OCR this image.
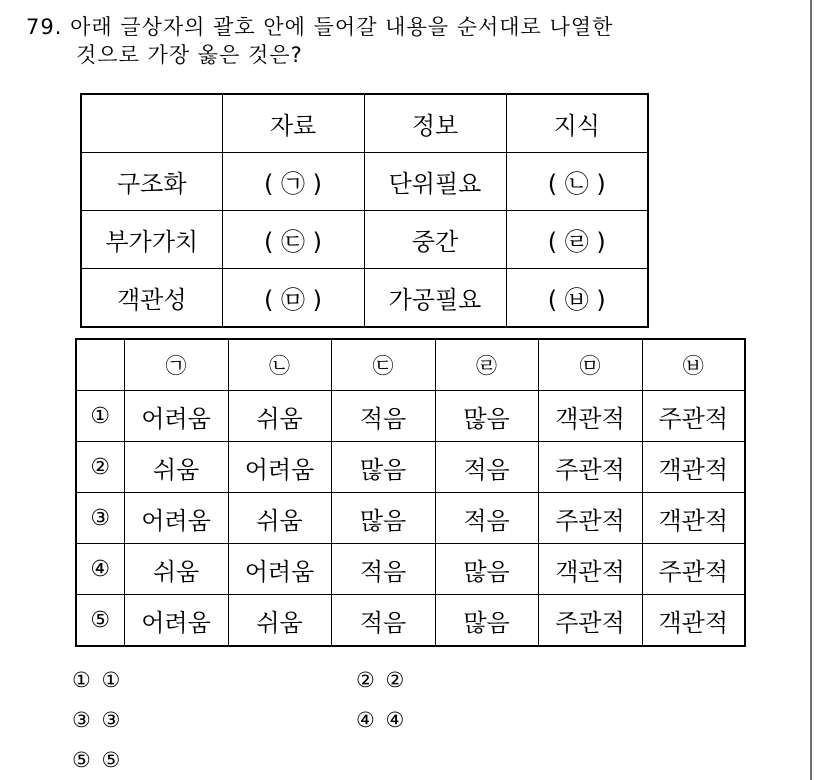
79. 아래 글상자의 괄호 안에 들어갈 내용을 순서대로 나열한
것으로 가장 옳은 것은?
	자료	정보	지식
구조화	( ㉠ )	단위필요	( ㉡ )
부가가치	( ㉢ )	중간	( ㉣ )
객관성	( ㉤ )	가공필요	( ㉥ )
	㉠	㉡	㉢	㉣	㉤	㉥
①	어려움	쉬움	적음	많음	객관적	주관적
②	쉬움	어려움	많음	적음	주관적	객관적
③	어려움	쉬움	많음	적음	주관적	객관적
④	쉬움	어려움	적음	많음	객관적	주관적
⑤	어려움	쉬움	적음	많음	주관적	객관적
① ①	② ②
③ ③	④ ④
⑤ ⑤
